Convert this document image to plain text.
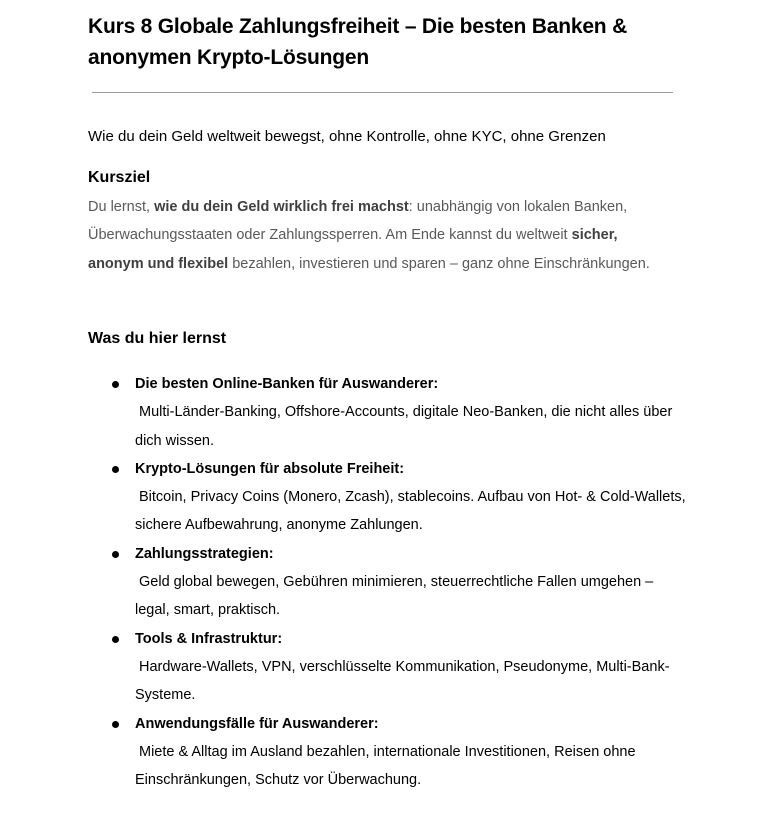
Kurs 8 Globale Zahlungsfreiheit – Die besten Banken & anonymen Krypto-Lösungen

Wie du dein Geld weltweit bewegst, ohne Kontrolle, ohne KYC, ohne Grenzen

Kursziel

Du lernst, wie du dein Geld wirklich frei machst: unabhängig von lokalen Banken, Überwachungsstaaten oder Zahlungssperren. Am Ende kannst du weltweit sicher, anonym und flexibel bezahlen, investieren und sparen – ganz ohne Einschränkungen.

Was du hier lernst
Die besten Online-Banken für Auswanderer:
Multi-Länder-Banking, Offshore-Accounts, digitale Neo-Banken, die nicht alles über dich wissen.
Krypto-Lösungen für absolute Freiheit:
Bitcoin, Privacy Coins (Monero, Zcash), stablecoins. Aufbau von Hot- & Cold-Wallets, sichere Aufbewahrung, anonyme Zahlungen.
Zahlungsstrategien:
Geld global bewegen, Gebühren minimieren, steuerrechtliche Fallen umgehen – legal, smart, praktisch.
Tools & Infrastruktur:
Hardware-Wallets, VPN, verschlüsselte Kommunikation, Pseudonyme, Multi-Bank-Systeme.
Anwendungsfälle für Auswanderer:
Miete & Alltag im Ausland bezahlen, internationale Investitionen, Reisen ohne Einschränkungen, Schutz vor Überwachung.
